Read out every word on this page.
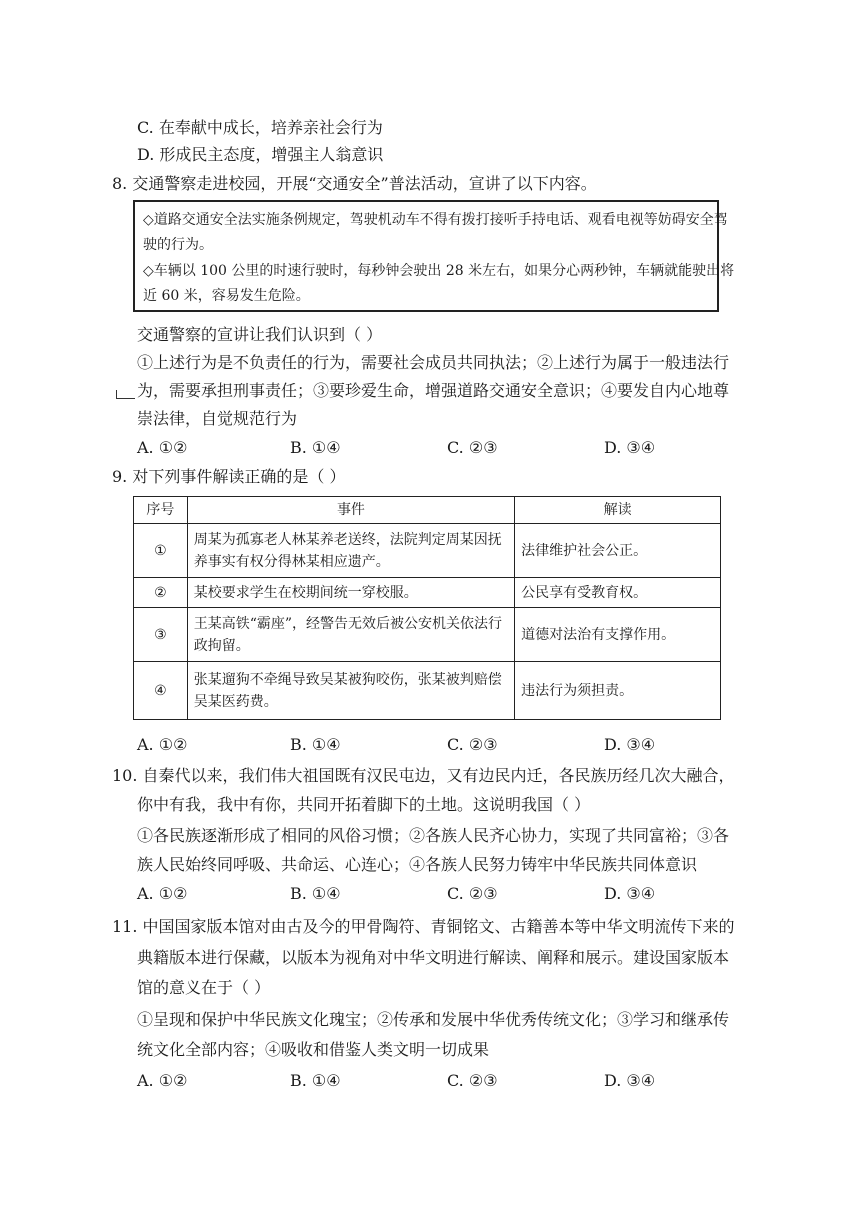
C. 在奉献中成长，培养亲社会行为
D. 形成民主态度，增强主人翁意识
8. 交通警察走进校园，开展“交通安全”普法活动，宣讲了以下内容。
◇道路交通安全法实施条例规定，驾驶机动车不得有拨打接听手持电话、观看电视等妨碍安全驾
驶的行为。
◇车辆以 100 公里的时速行驶时，每秒钟会驶出 28 米左右，如果分心两秒钟，车辆就能驶出将
近 60 米，容易发生危险。
交通警察的宣讲让我们认识到（ ）
①上述行为是不负责任的行为，需要社会成员共同执法；②上述行为属于一般违法行
为，需要承担刑事责任；③要珍爱生命，增强道路交通安全意识；④要发自内心地尊
崇法律，自觉规范行为
A. ①②	B. ①④	C. ②③	D. ③④
9. 对下列事件解读正确的是（ ）
序号	事件	解读
①	周某为孤寡老人林某养老送终，法院判定周某因抚养事实有权分得林某相应遗产。	法律维护社会公正。
②	某校要求学生在校期间统一穿校服。	公民享有受教育权。
③	王某高铁“霸座”，经警告无效后被公安机关依法行政拘留。	道德对法治有支撑作用。
④	张某遛狗不牵绳导致吴某被狗咬伤，张某被判赔偿吴某医药费。	违法行为须担责。
A. ①②	B. ①④	C. ②③	D. ③④
10. 自秦代以来，我们伟大祖国既有汉民屯边，又有边民内迁，各民族历经几次大融合，
你中有我，我中有你，共同开拓着脚下的土地。这说明我国（ ）
①各民族逐渐形成了相同的风俗习惯；②各族人民齐心协力，实现了共同富裕；③各
族人民始终同呼吸、共命运、心连心；④各族人民努力铸牢中华民族共同体意识
A. ①②	B. ①④	C. ②③	D. ③④
11. 中国国家版本馆对由古及今的甲骨陶符、青铜铭文、古籍善本等中华文明流传下来的
典籍版本进行保藏，以版本为视角对中华文明进行解读、阐释和展示。建设国家版本
馆的意义在于（ ）
①呈现和保护中华民族文化瑰宝；②传承和发展中华优秀传统文化；③学习和继承传
统文化全部内容；④吸收和借鉴人类文明一切成果
A. ①②	B. ①④	C. ②③	D. ③④
